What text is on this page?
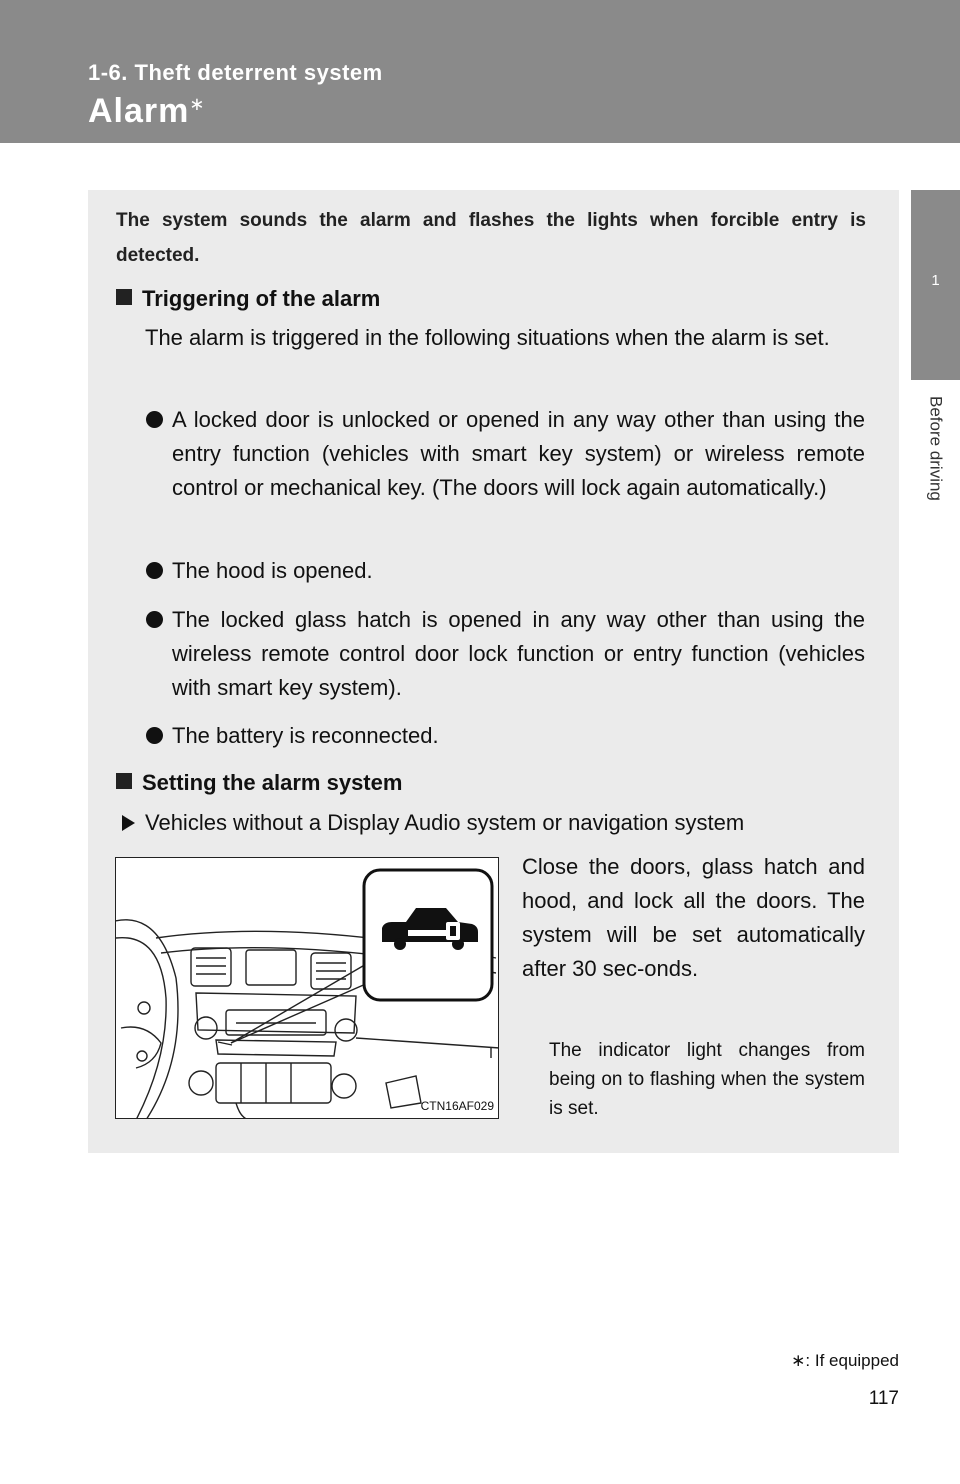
1-6. Theft deterrent system
Alarm∗
1
Before driving
The system sounds the alarm and flashes the lights when forcible entry is detected.
Triggering of the alarm
The alarm is triggered in the following situations when the alarm is set.
A locked door is unlocked or opened in any way other than using the entry function (vehicles with smart key system) or wireless remote control or mechanical key. (The doors will lock again automatically.)
The hood is opened.
The locked glass hatch is opened in any way other than using the wireless remote control door lock function or entry function (vehicles with smart key system).
The battery is reconnected.
Setting the alarm system
Vehicles without a Display Audio system or navigation system
Close the doors, glass hatch and hood, and lock all the doors. The system will be set automatically after 30 sec-onds.
The indicator light changes from being on to flashing when the system is set.
CTN16AF029
∗: If equipped
117
